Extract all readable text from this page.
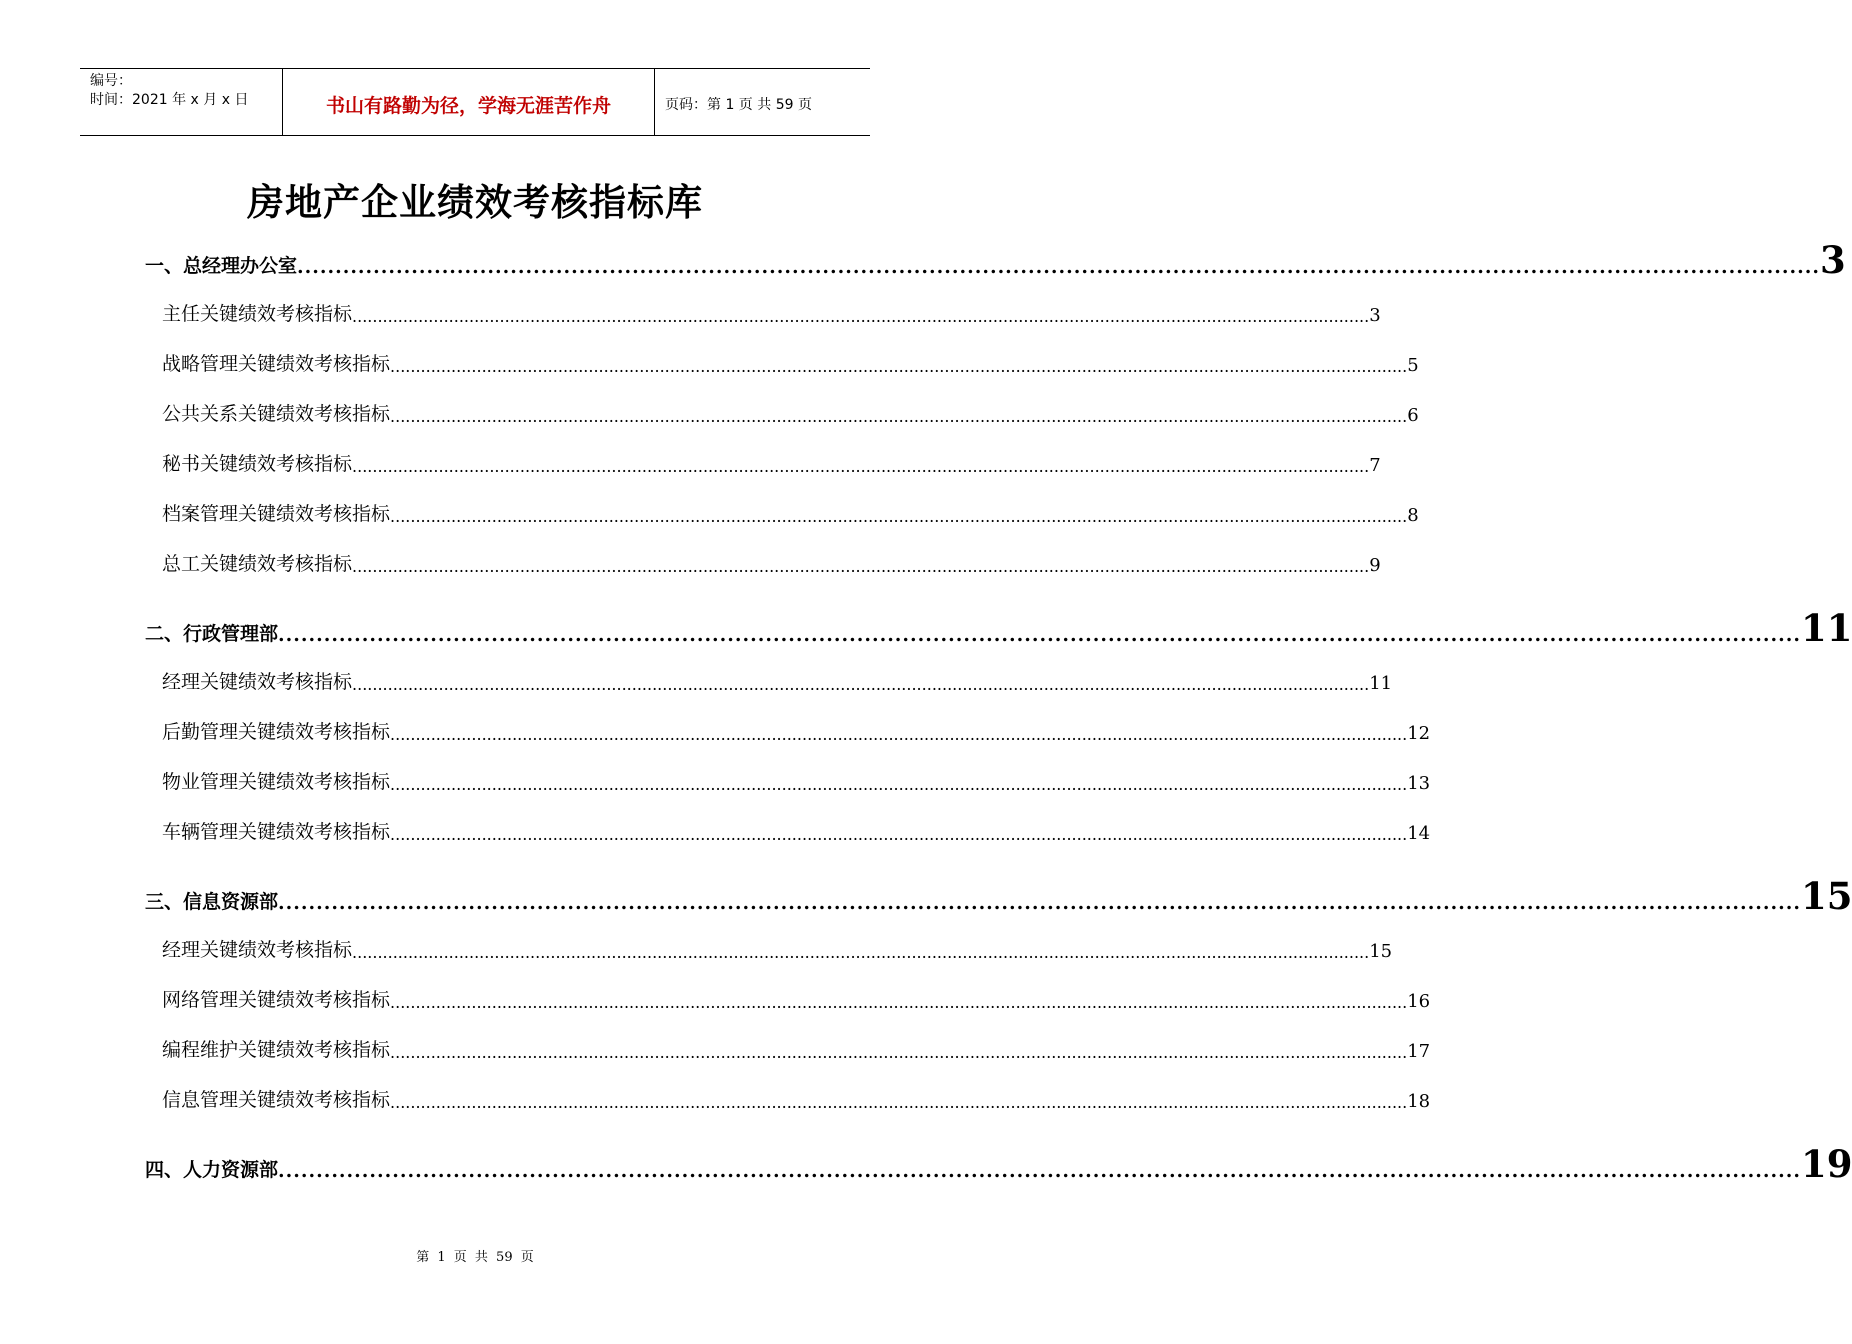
编号：
时间：2021 年 x 月 x 日	书山有路勤为径，学海无涯苦作舟	页码：第 1 页 共 59 页
房地产企业绩效考核指标库
一、总经理办公室 ........................................................................................................................................................................................................ 3
主任关键绩效考核指标 ........................................................................................................................................................................................................ 3
战略管理关键绩效考核指标 ........................................................................................................................................................................................................ 5
公共关系关键绩效考核指标 ........................................................................................................................................................................................................ 6
秘书关键绩效考核指标 ........................................................................................................................................................................................................ 7
档案管理关键绩效考核指标 ........................................................................................................................................................................................................ 8
总工关键绩效考核指标 ........................................................................................................................................................................................................ 9
二、行政管理部 ........................................................................................................................................................................................................ 11
经理关键绩效考核指标 ........................................................................................................................................................................................................ 11
后勤管理关键绩效考核指标 ........................................................................................................................................................................................................ 12
物业管理关键绩效考核指标 ........................................................................................................................................................................................................ 13
车辆管理关键绩效考核指标 ........................................................................................................................................................................................................ 14
三、信息资源部 ........................................................................................................................................................................................................ 15
经理关键绩效考核指标 ........................................................................................................................................................................................................ 15
网络管理关键绩效考核指标 ........................................................................................................................................................................................................ 16
编程维护关键绩效考核指标 ........................................................................................................................................................................................................ 17
信息管理关键绩效考核指标 ........................................................................................................................................................................................................ 18
四、人力资源部 ........................................................................................................................................................................................................ 19
第 1 页 共 59 页
